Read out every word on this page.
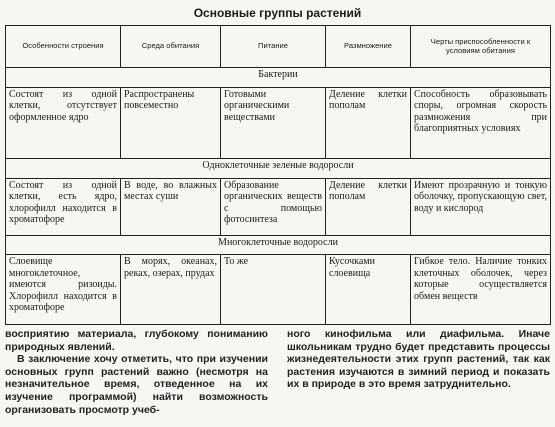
Основные группы растений
Особенности строения	Среда обитания	Питание	Размножение	Черты приспособленности к условиям обитания
Бактерии				
Состоят из одной клетки, отсутствует оформленное ядро	Распространены повсеместно	Готовыми органическими веществами	Деление клетки пополам	Способность образовывать споры, огромная скорость размножения при благоприятных условиях
Одноклеточные зеленые водоросли				
Состоят из одной клетки, есть ядро, хлорофилл находится в хроматофоре	В воде, во влажных местах суши	Образование органических веществ с помощью фотосинтеза	Деление клетки пополам	Имеют прозрачную и тонкую оболочку, пропускающую свет, воду и кислород
Многоклеточные водоросли				
Слоевище многоклеточное, имеются ризоиды. Хлорофилл находится в хроматофоре	В морях, океанах, реках, озерах, прудах	То же	Кусочками слоевища	Гибкое тело. Наличие тонких клеточных оболочек, через которые осуществляется обмен веществ

восприятию материала, глубокому пониманию природных явлений.

В заключение хочу отметить, что при изучении основных групп растений важно (несмотря на незначительное время, отведенное на их изучение программой) найти возможность организовать просмотр учеб-

ного кинофильма или диафильма. Иначе школьникам трудно будет представить процессы жизнедеятельности этих групп растений, так как растения изучаются в зимний период и показать их в природе в это время затруднительно.
